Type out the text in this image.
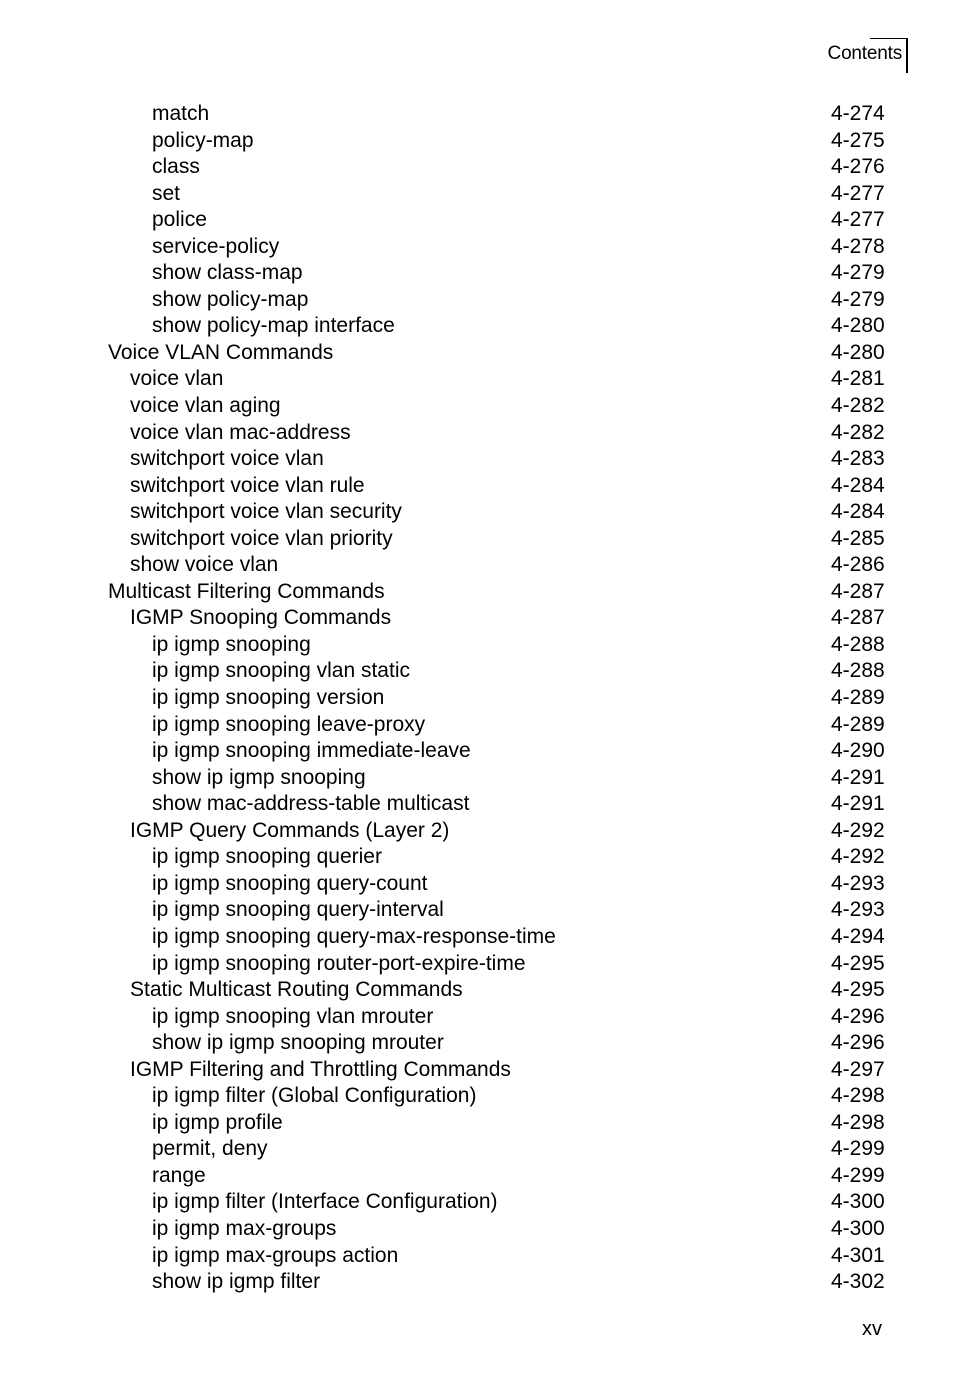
Contents
match	4-274
policy-map	4-275
class	4-276
set	4-277
police	4-277
service-policy	4-278
show class-map	4-279
show policy-map	4-279
show policy-map interface	4-280
Voice VLAN Commands	4-280
voice vlan	4-281
voice vlan aging	4-282
voice vlan mac-address	4-282
switchport voice vlan	4-283
switchport voice vlan rule	4-284
switchport voice vlan security	4-284
switchport voice vlan priority	4-285
show voice vlan	4-286
Multicast Filtering Commands	4-287
IGMP Snooping Commands	4-287
ip igmp snooping	4-288
ip igmp snooping vlan static	4-288
ip igmp snooping version	4-289
ip igmp snooping leave-proxy	4-289
ip igmp snooping immediate-leave	4-290
show ip igmp snooping	4-291
show mac-address-table multicast	4-291
IGMP Query Commands (Layer 2)	4-292
ip igmp snooping querier	4-292
ip igmp snooping query-count	4-293
ip igmp snooping query-interval	4-293
ip igmp snooping query-max-response-time	4-294
ip igmp snooping router-port-expire-time	4-295
Static Multicast Routing Commands	4-295
ip igmp snooping vlan mrouter	4-296
show ip igmp snooping mrouter	4-296
IGMP Filtering and Throttling Commands	4-297
ip igmp filter (Global Configuration)	4-298
ip igmp profile	4-298
permit, deny	4-299
range	4-299
ip igmp filter (Interface Configuration)	4-300
ip igmp max-groups	4-300
ip igmp max-groups action	4-301
show ip igmp filter	4-302
xv
